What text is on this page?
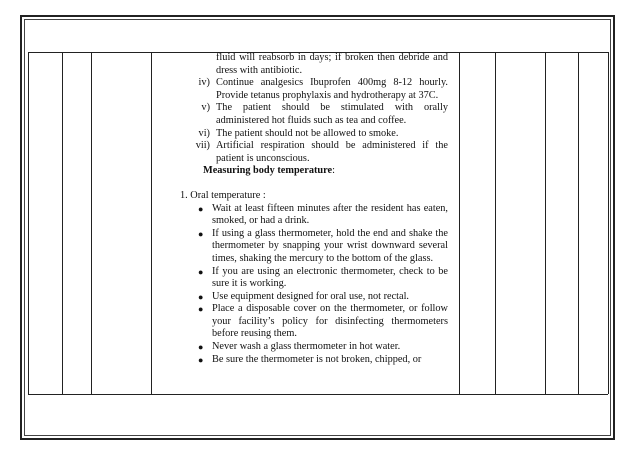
fluid will reabsorb in days; if broken then debride and dress with antibiotic.
iv) Continue analgesics Ibuprofen 400mg 8-12 hourly. Provide tetanus prophylaxis and hydrotherapy at 37C.
v) The patient should be stimulated with orally administered hot fluids such as tea and coffee.
vi) The patient should not be allowed to smoke.
vii) Artificial respiration should be administered if the patient is unconscious.
Measuring body temperature:
1. Oral temperature :
● Wait at least fifteen minutes after the resident has eaten, smoked, or had a drink.
● If using a glass thermometer, hold the end and shake the thermometer by snapping your wrist downward several times, shaking the mercury to the bottom of the glass.
● If you are using an electronic thermometer, check to be sure it is working.
● Use equipment designed for oral use, not rectal.
● Place a disposable cover on the thermometer, or follow your facility’s policy for disinfecting thermometers before reusing them.
● Never wash a glass thermometer in hot water.
● Be sure the thermometer is not broken, chipped, or
